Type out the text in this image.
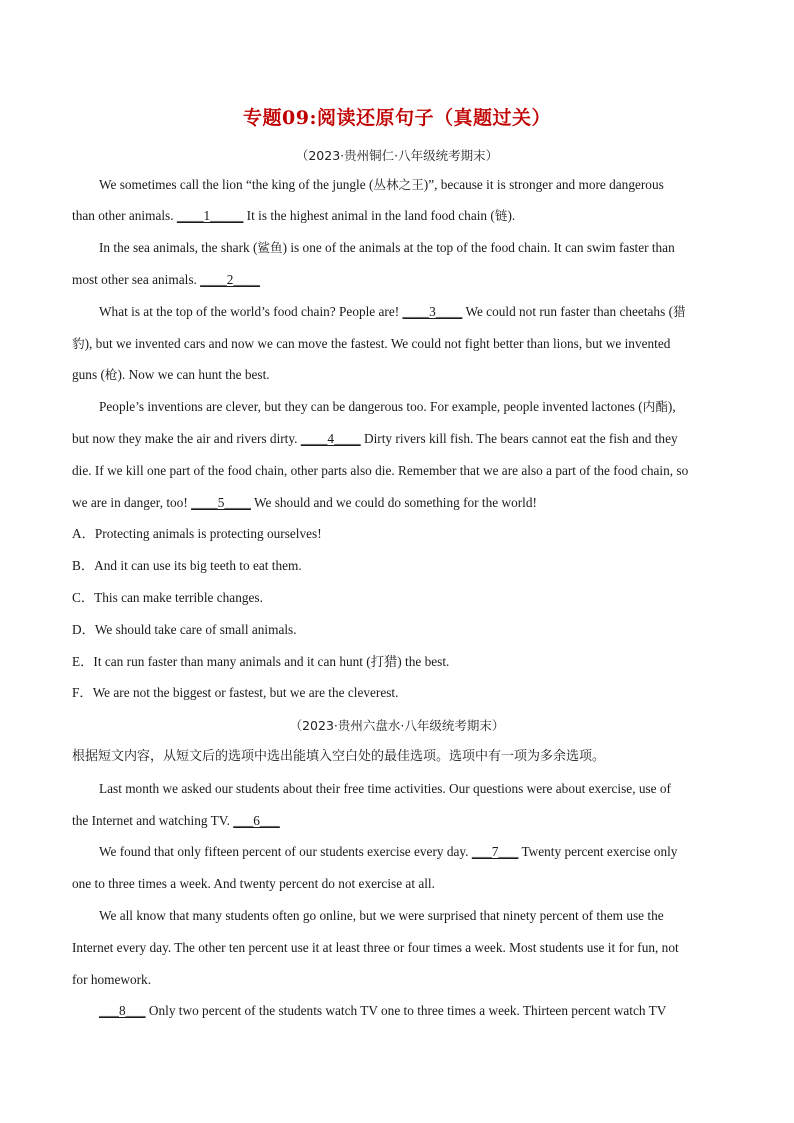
专题09:阅读还原句子（真题过关）
（2023·贵州铜仁·八年级统考期末）
We sometimes call the lion “the king of the jungle (丛林之王)”, because it is stronger and more dangerous
than other animals. ____1_____ It is the highest animal in the land food chain (链).
In the sea animals, the shark (鲨鱼) is one of the animals at the top of the food chain. It can swim faster than
most other sea animals. ____2____
What is at the top of the world’s food chain? People are! ____3____ We could not run faster than cheetahs (猎
豹), but we invented cars and now we can move the fastest. We could not fight better than lions, but we invented
guns (枪). Now we can hunt the best.
People’s inventions are clever, but they can be dangerous too. For example, people invented lactones (内酯),
but now they make the air and rivers dirty. ____4____ Dirty rivers kill fish. The bears cannot eat the fish and they
die. If we kill one part of the food chain, other parts also die. Remember that we are also a part of the food chain, so
we are in danger, too! ____5____ We should and we could do something for the world!
A．Protecting animals is protecting ourselves!
B．And it can use its big teeth to eat them.
C．This can make terrible changes.
D．We should take care of small animals.
E．It can run faster than many animals and it can hunt (打猎) the best.
F．We are not the biggest or fastest, but we are the cleverest.
（2023·贵州六盘水·八年级统考期末）
根据短文内容，从短文后的选项中选出能填入空白处的最佳选项。选项中有一项为多余选项。
Last month we asked our students about their free time activities. Our questions were about exercise, use of
the Internet and watching TV. ___6___
We found that only fifteen percent of our students exercise every day. ___7___ Twenty percent exercise only
one to three times a week. And twenty percent do not exercise at all.
We all know that many students often go online, but we were surprised that ninety percent of them use the
Internet every day. The other ten percent use it at least three or four times a week. Most students use it for fun, not
for homework.
___8___ Only two percent of the students watch TV one to three times a week. Thirteen percent watch TV
